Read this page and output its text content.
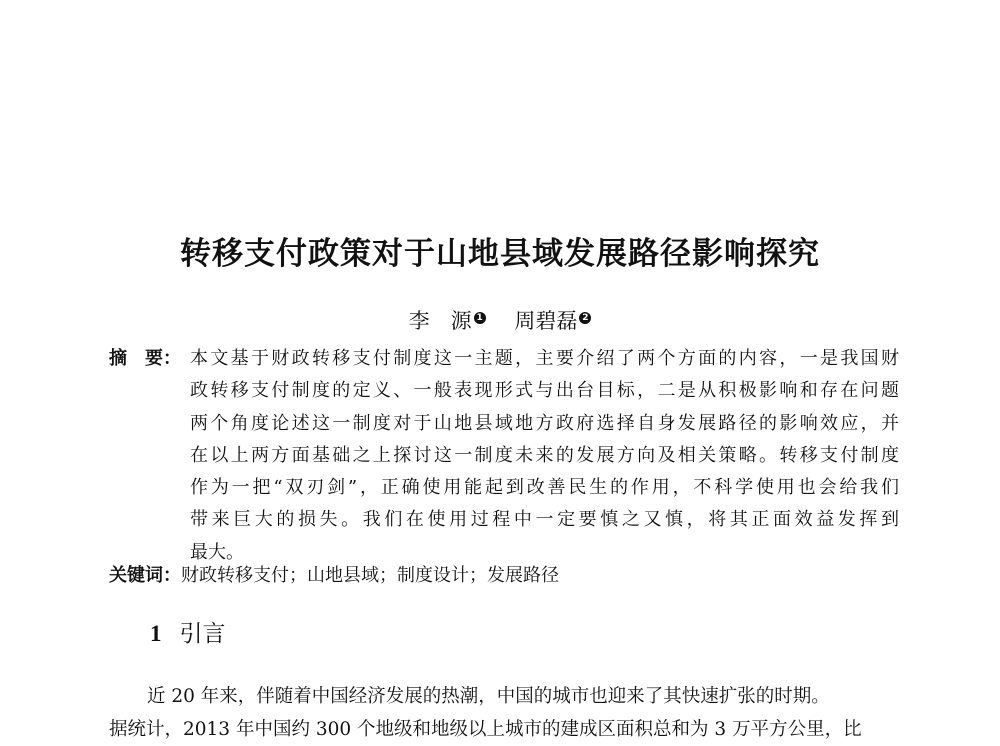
转移支付政策对于山地县域发展路径影响探究
李　源 1 周碧磊 2
摘　要： 本文基于财政转移支付制度这一主题，主要介绍了两个方面的内容，一是我国财
政转移支付制度的定义、一般表现形式与出台目标，二是从积极影响和存在问题
两个角度论述这一制度对于山地县域地方政府选择自身发展路径的影响效应，并
在以上两方面基础之上探讨这一制度未来的发展方向及相关策略。转移支付制度
作为一把“双刃剑”，正确使用能起到改善民生的作用，不科学使用也会给我们
带来巨大的损失。我们在使用过程中一定要慎之又慎，将其正面效益发挥到
最大。
关键词：财政转移支付；山地县域；制度设计；发展路径
1 引言
近 20 年来，伴随着中国经济发展的热潮，中国的城市也迎来了其快速扩张的时期。
据统计，2013 年中国约 300 个地级和地级以上城市的建成区面积总和为 3 万平方公里，比
